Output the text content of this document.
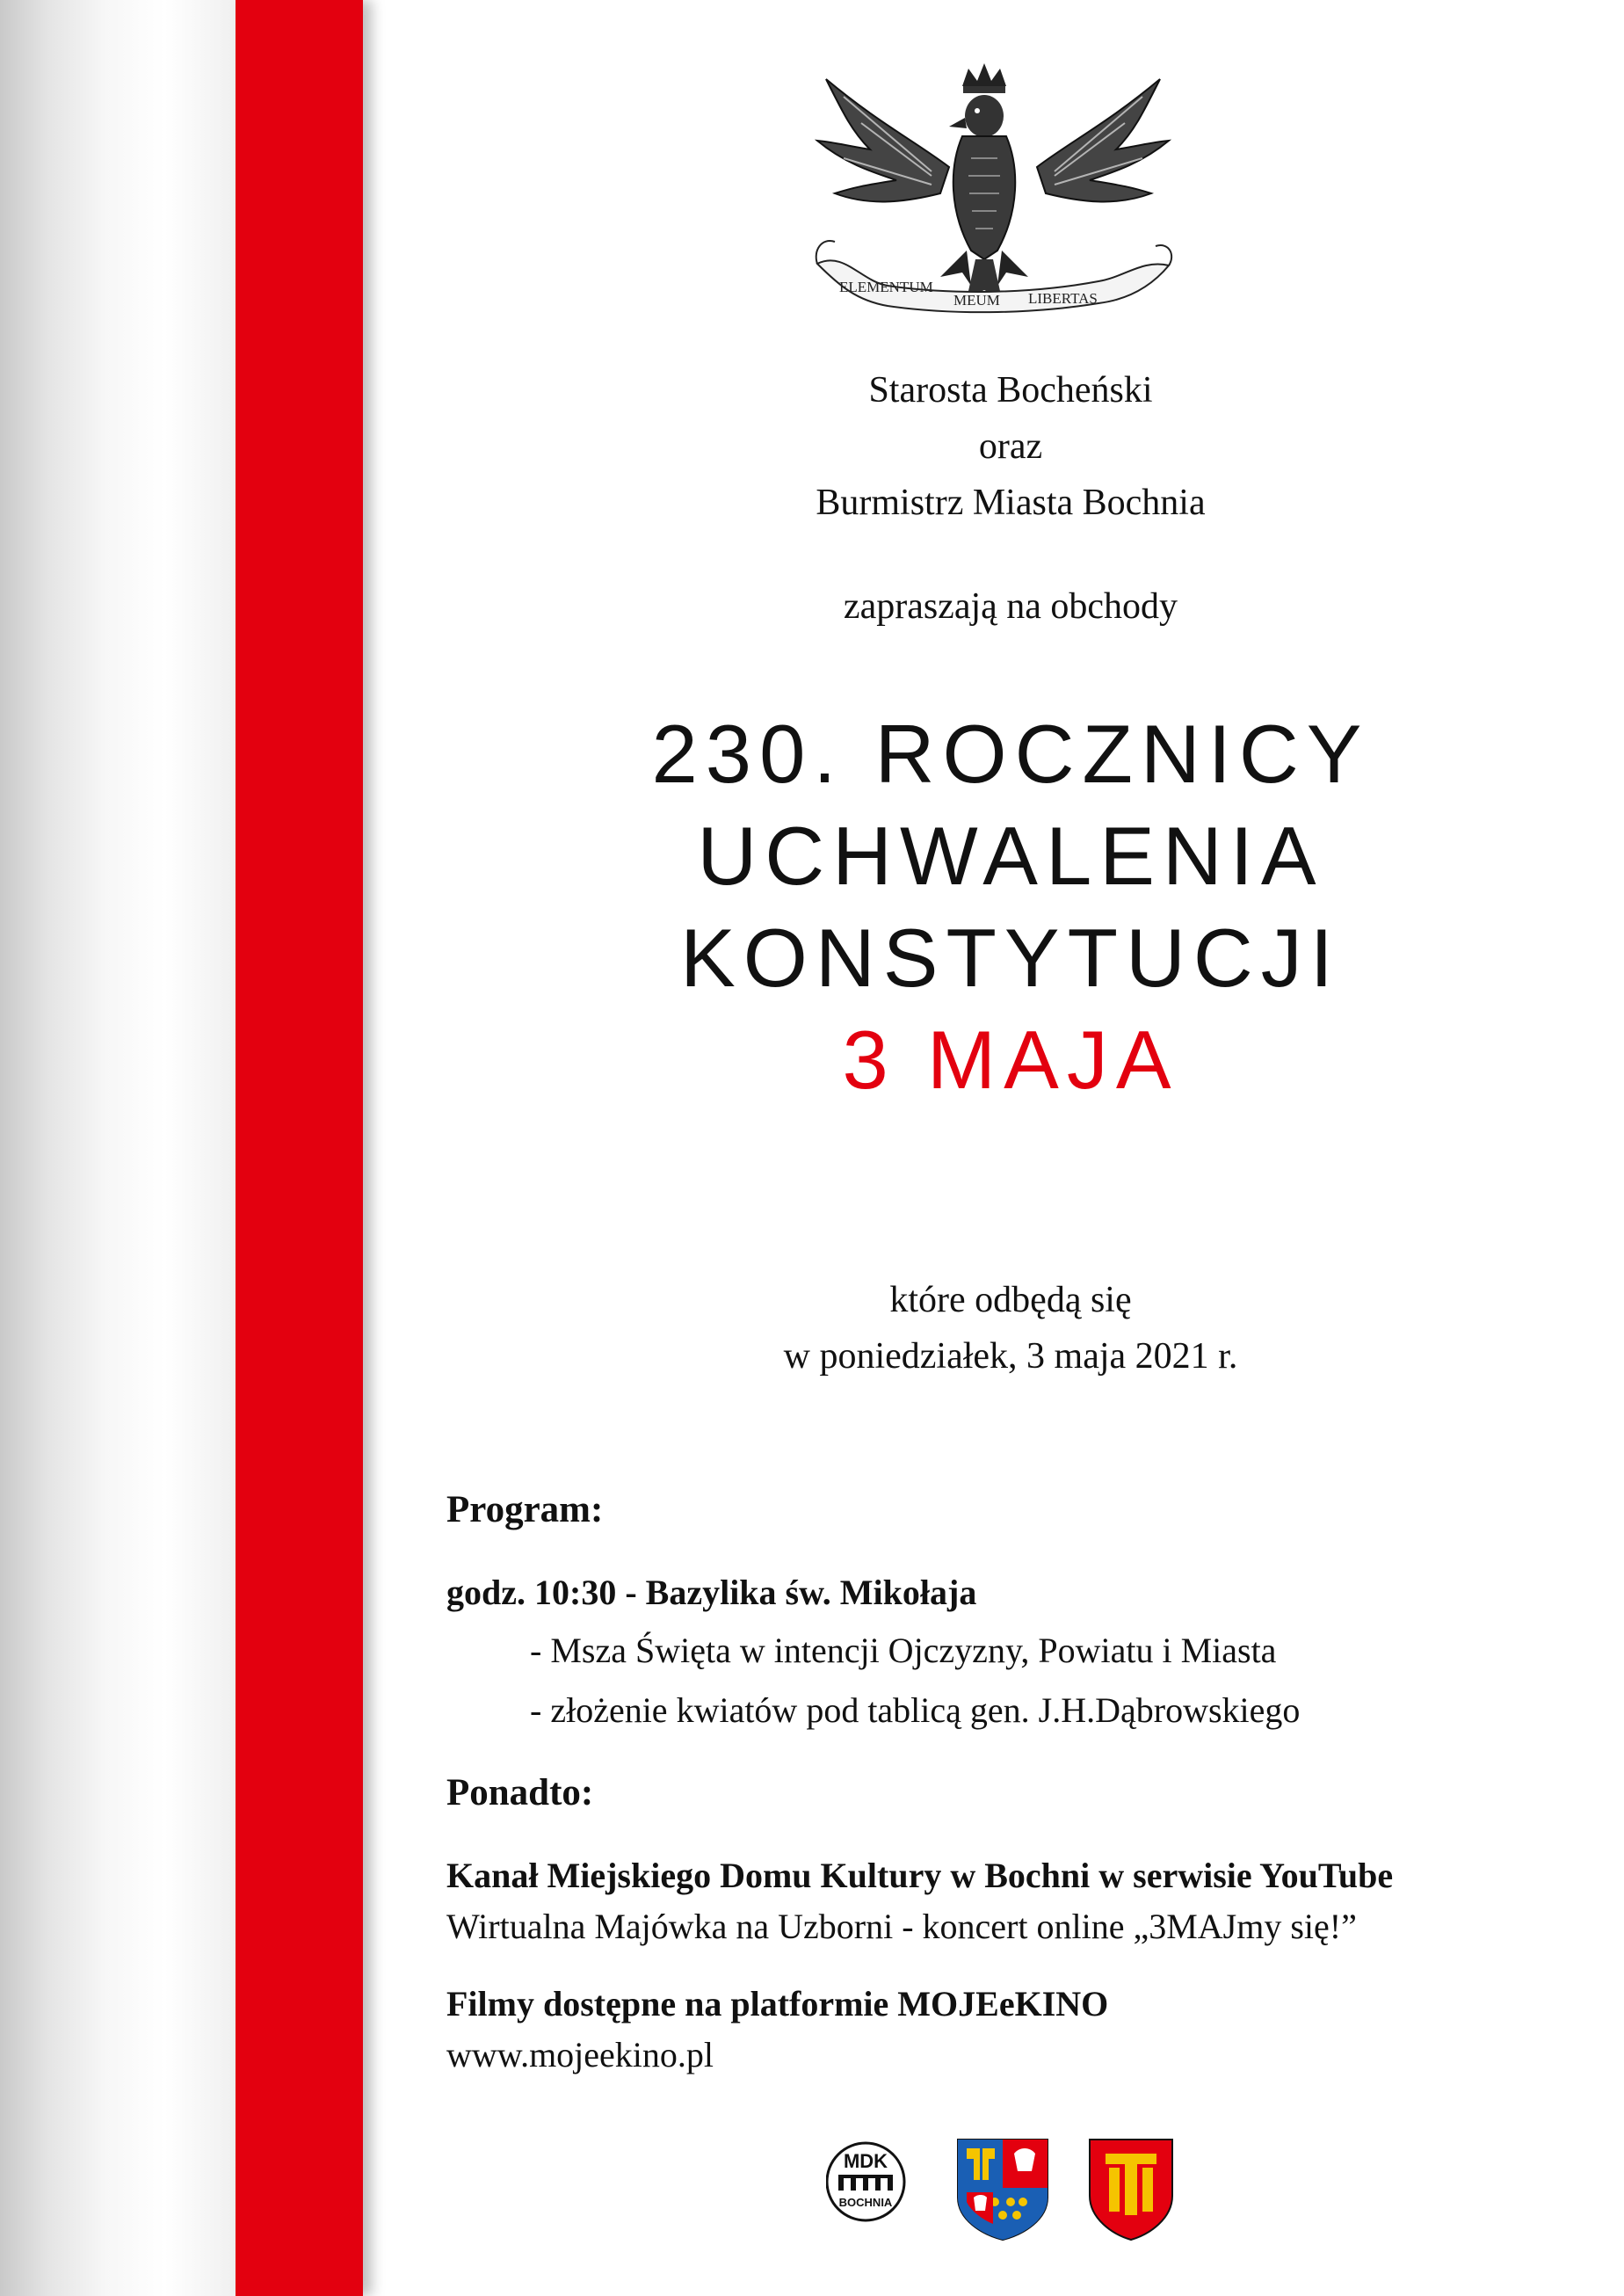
ELEMENTUM
MEUM LIBERTAS
Starosta Bocheński
oraz
Burmistrz Miasta Bochnia
zapraszają na obchody
230. ROCZNICY
UCHWALENIA
KONSTYTUCJI
3 MAJA
które odbędą się
w poniedziałek, 3 maja 2021 r.
Program:
godz. 10:30 - Bazylika św. Mikołaja
- Msza Święta w intencji Ojczyzny, Powiatu i Miasta
- złożenie kwiatów pod tablicą gen. J.H.Dąbrowskiego
Ponadto:
Kanał Miejskiego Domu Kultury w Bochni w serwisie YouTube
Wirtualna Majówka na Uzborni - koncert online „3MAJmy się!”
Filmy dostępne na platformie MOJEeKINO
www.mojeekino.pl
MDK
BOCHNIA
